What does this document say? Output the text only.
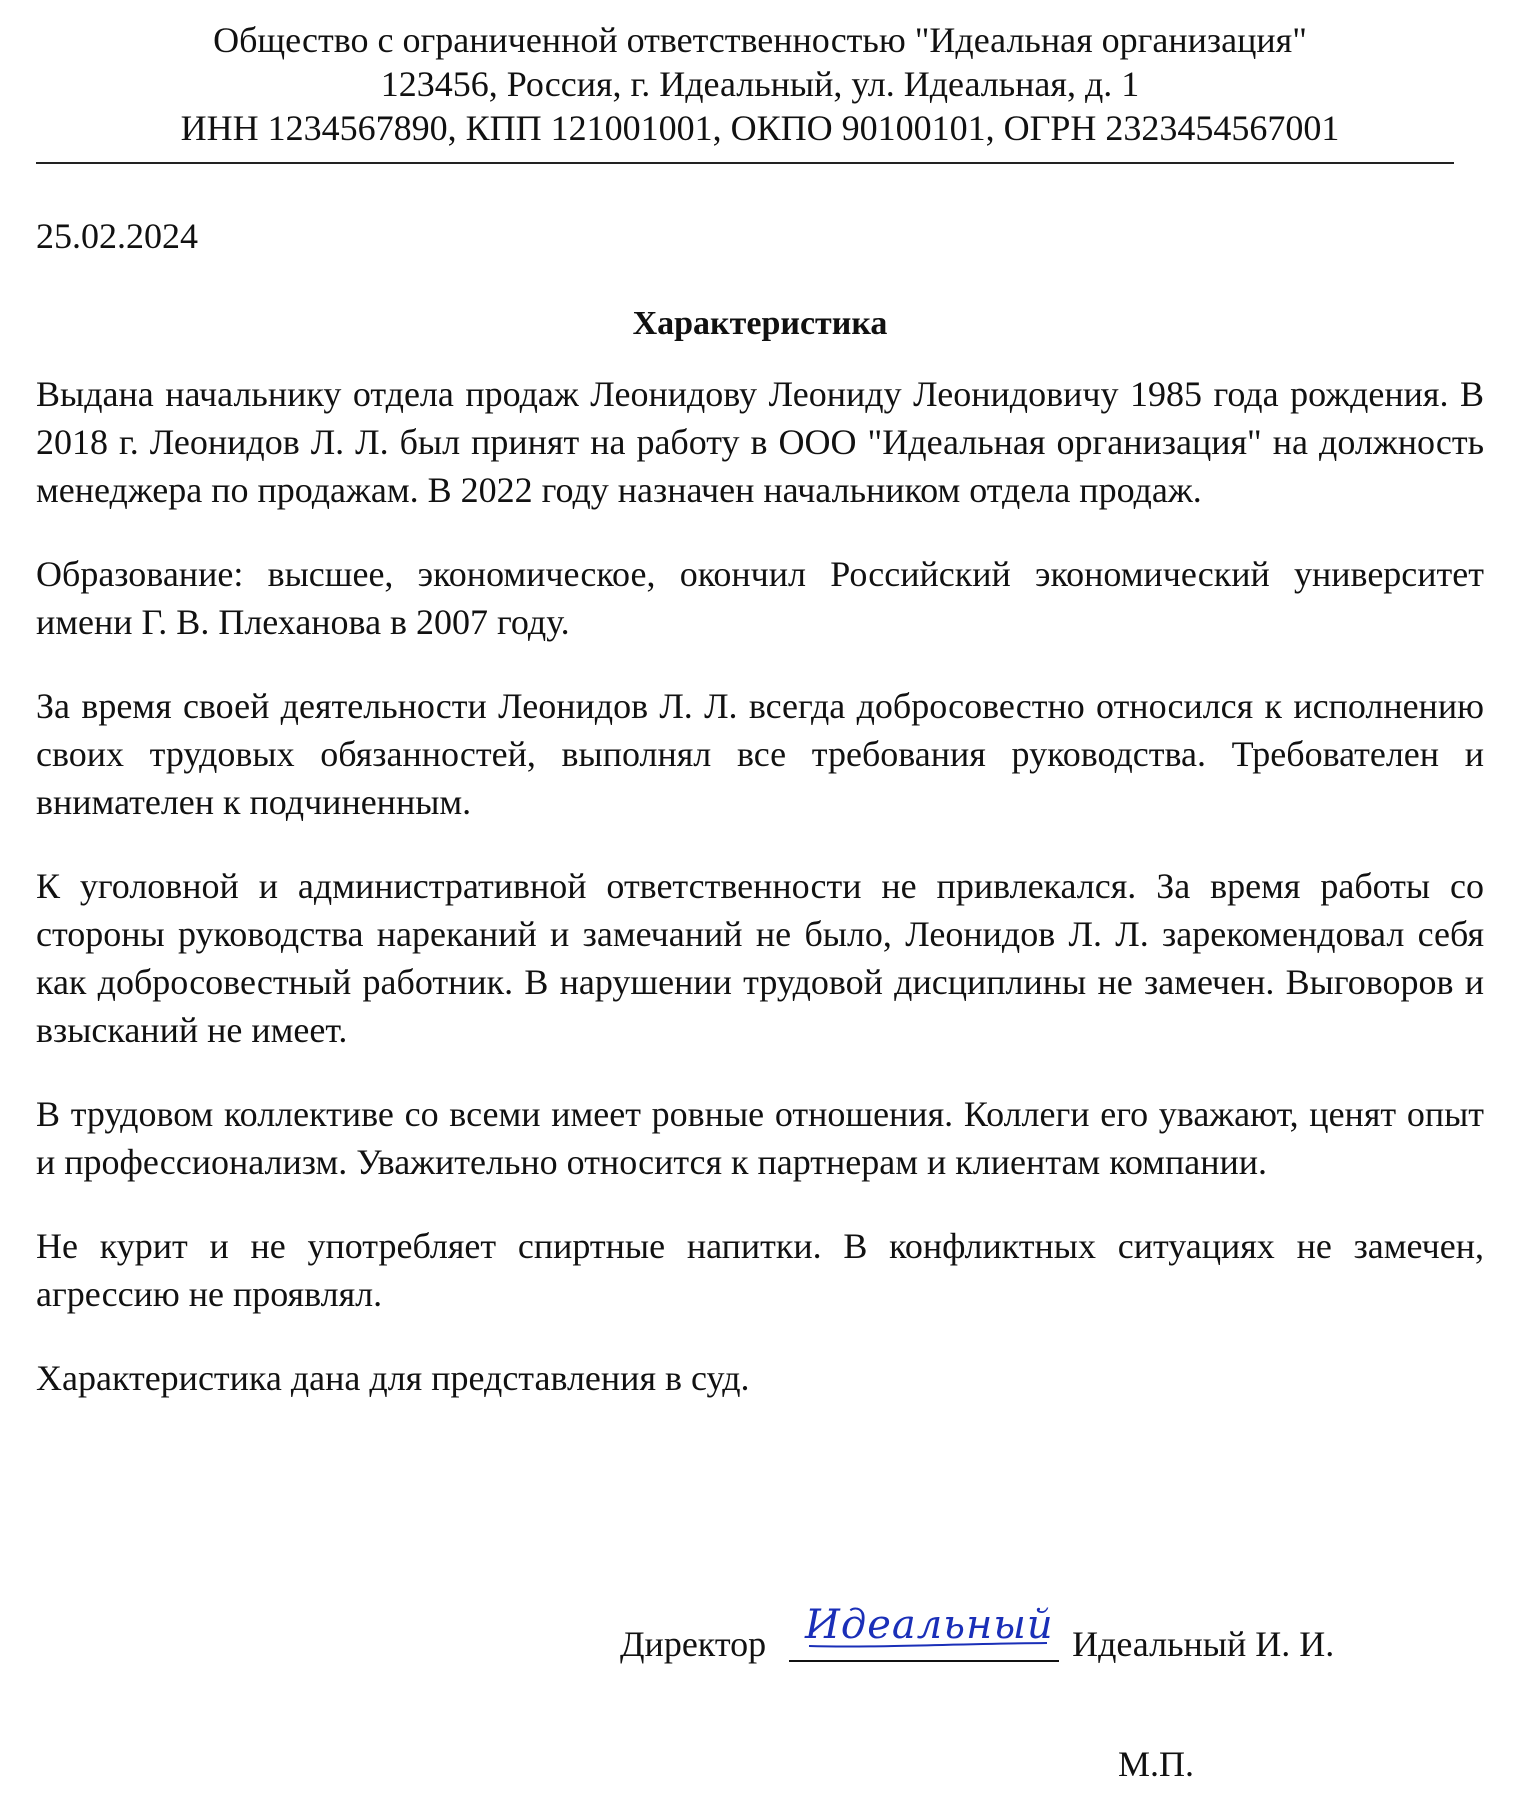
Общество с ограниченной ответственностью "Идеальная организация"
123456, Россия, г. Идеальный, ул. Идеальная, д. 1
ИНН 1234567890, КПП 121001001, ОКПО 90100101, ОГРН 2323454567001
25.02.2024
Характеристика
Выдана начальнику отдела продаж Леонидову Леониду Леонидовичу 1985 года рождения. В 2018 г. Леонидов Л. Л. был принят на работу в ООО "Идеальная организация" на должность менеджера по продажам. В 2022 году назначен начальником отдела продаж.
Образование: высшее, экономическое, окончил Российский экономический университет имени Г. В. Плеханова в 2007 году.
За время своей деятельности Леонидов Л. Л. всегда добросовестно относился к исполнению своих трудовых обязанностей, выполнял все требования руководства. Требователен и внимателен к подчиненным.
К уголовной и административной ответственности не привлекался. За время работы со стороны руководства нареканий и замечаний не было, Леонидов Л. Л. зарекомендовал себя как добросовестный работник. В нарушении трудовой дисциплины не замечен. Выговоров и взысканий не имеет.
В трудовом коллективе со всеми имеет ровные отношения. Коллеги его уважают, ценят опыт и профессионализм. Уважительно относится к партнерам и клиентам компании.
Не курит и не употребляет спиртные напитки. В конфликтных ситуациях не замечен, агрессию не проявлял.
Характеристика дана для представления в суд.
Директор Идеальный Идеальный И. И.
М.П.
